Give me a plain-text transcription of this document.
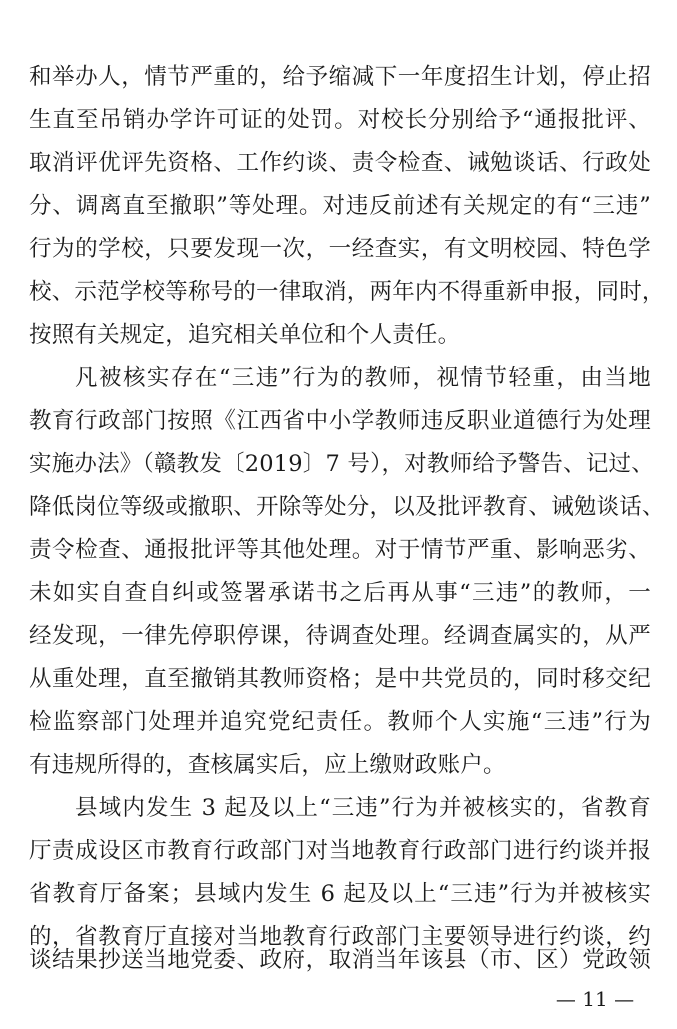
和举办人，情节严重的，给予缩减下一年度招生计划，停止招
生直至吊销办学许可证的处罚。对校长分别给予“通报批评、
取消评优评先资格、工作约谈、责令检查、诫勉谈话、行政处
分、调离直至撤职”等处理。对违反前述有关规定的有“三违”
行为的学校，只要发现一次，一经查实，有文明校园、特色学
校、示范学校等称号的一律取消，两年内不得重新申报，同时，
按照有关规定，追究相关单位和个人责任。
凡被核实存在“三违”行为的教师，视情节轻重，由当地
教育行政部门按照《江西省中小学教师违反职业道德行为处理
实施办法》（赣教发〔2019〕7 号），对教师给予警告、记过、
降低岗位等级或撤职、开除等处分，以及批评教育、诫勉谈话、
责令检查、通报批评等其他处理。对于情节严重、影响恶劣、
未如实自查自纠或签署承诺书之后再从事“三违”的教师，一
经发现，一律先停职停课，待调查处理。经调查属实的，从严
从重处理，直至撤销其教师资格；是中共党员的，同时移交纪
检监察部门处理并追究党纪责任。教师个人实施“三违”行为
有违规所得的，查核属实后，应上缴财政账户。
县域内发生 3 起及以上“三违”行为并被核实的，省教育
厅责成设区市教育行政部门对当地教育行政部门进行约谈并报
省教育厅备案；县域内发生 6 起及以上“三违”行为并被核实
的，省教育厅直接对当地教育行政部门主要领导进行约谈，约
谈结果抄送当地党委、政府，取消当年该县（市、区）党政领
— 11 —
